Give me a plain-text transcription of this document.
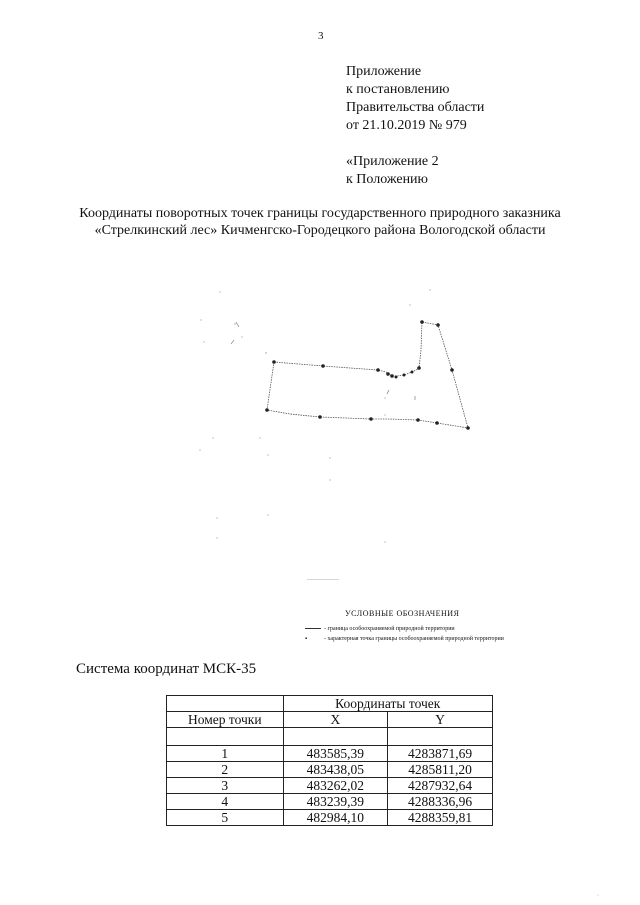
3
Приложение
к постановлению
Правительства области
от 21.10.2019 № 979
«Приложение 2
к Положению
Координаты поворотных точек границы государственного природного заказника
«Стрелкинский лес» Кичменгско-Городецкого района Вологодской области
————————
УСЛОВНЫЕ ОБОЗНАЧЕНИЯ
- граница особоохраняемой природной территории
▪	- характерная точка границы особоохраняемой природной территории
Система координат МСК-35
	Координаты точек	
Номер точки	X	Y

1	483585,39	4283871,69
2	483438,05	4285811,20
3	483262,02	4287932,64
4	483239,39	4288336,96
5	482984,10	4288359,81
·
